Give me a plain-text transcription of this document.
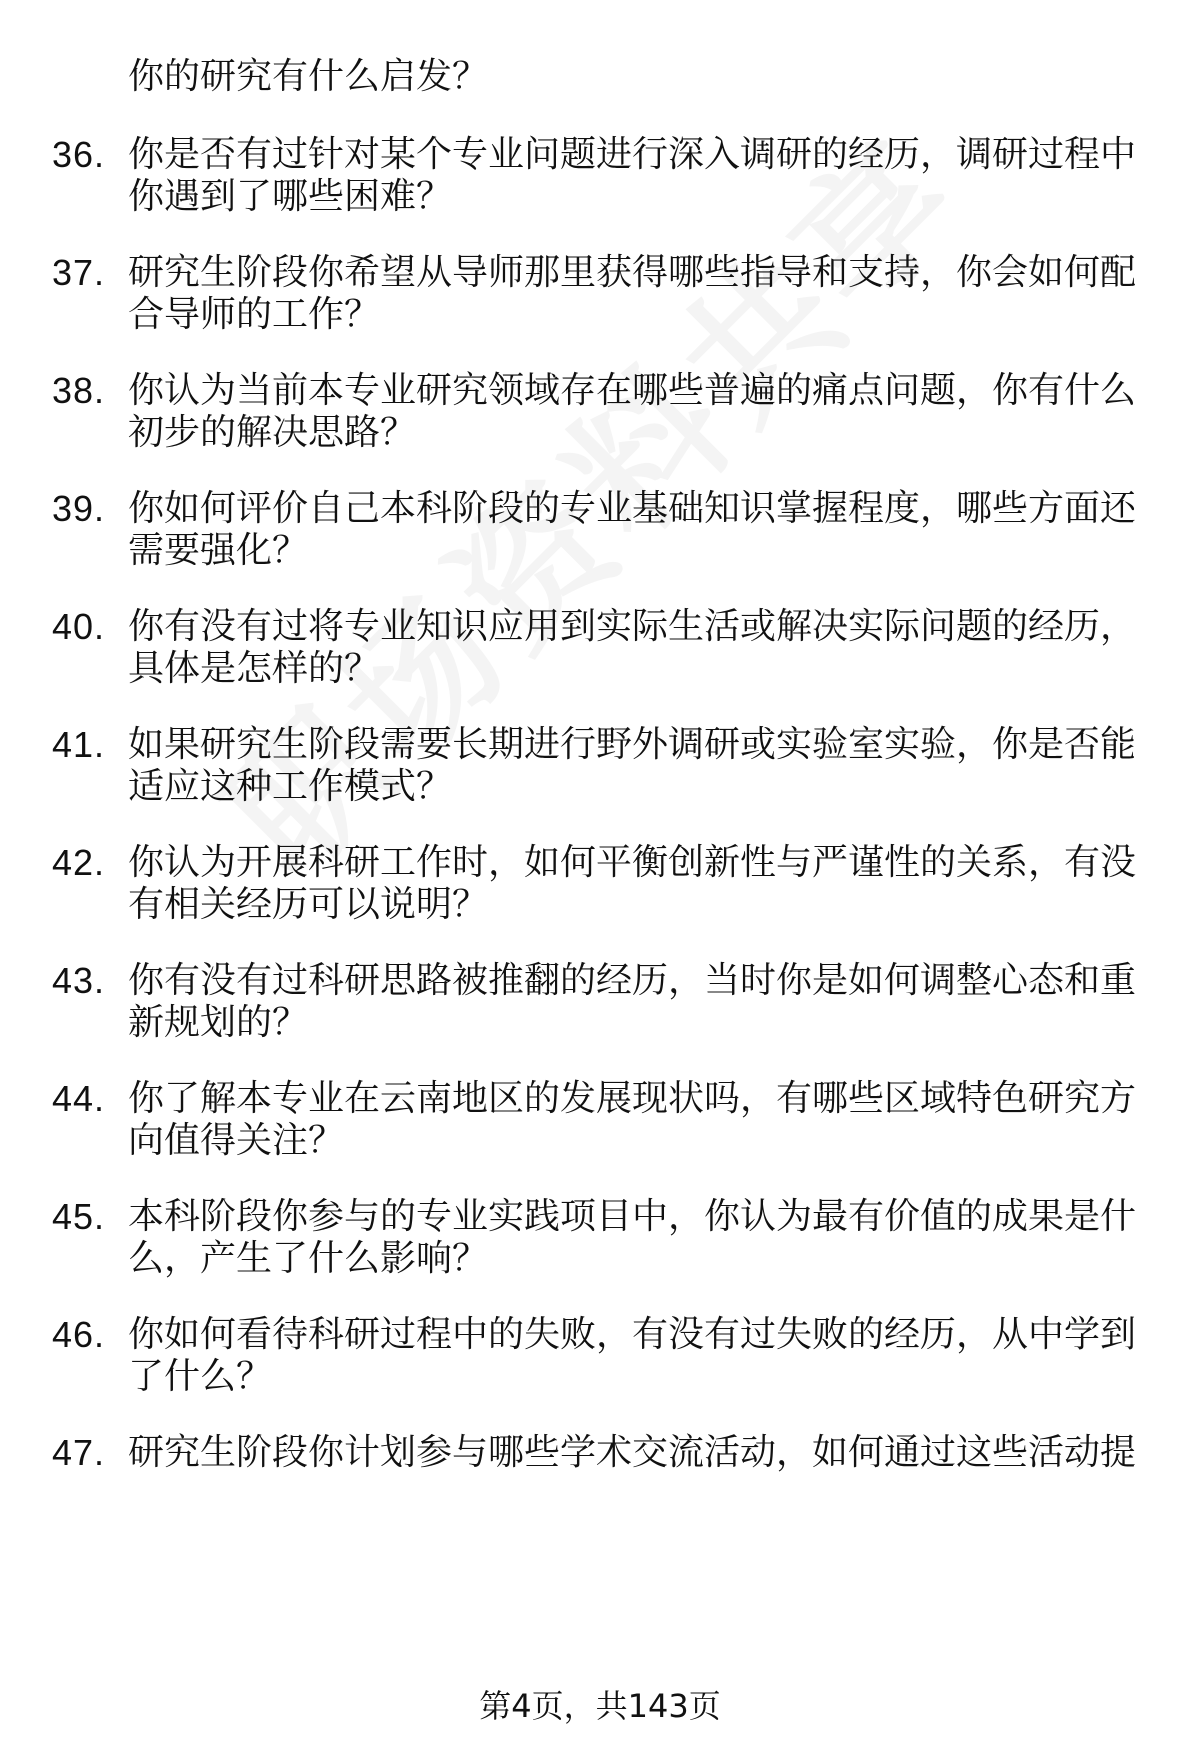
你的研究有什么启发？
36. 你是否有过针对某个专业问题进行深入调研的经历，调研过程中
你遇到了哪些困难？
37. 研究生阶段你希望从导师那里获得哪些指导和支持，你会如何配
合导师的工作？
38. 你认为当前本专业研究领域存在哪些普遍的痛点问题，你有什么
初步的解决思路？
39. 你如何评价自己本科阶段的专业基础知识掌握程度，哪些方面还
需要强化？
40. 你有没有过将专业知识应用到实际生活或解决实际问题的经历，
具体是怎样的？
41. 如果研究生阶段需要长期进行野外调研或实验室实验，你是否能
适应这种工作模式？
42. 你认为开展科研工作时，如何平衡创新性与严谨性的关系，有没
有相关经历可以说明？
43. 你有没有过科研思路被推翻的经历，当时你是如何调整心态和重
新规划的？
44. 你了解本专业在云南地区的发展现状吗，有哪些区域特色研究方
向值得关注？
45. 本科阶段你参与的专业实践项目中，你认为最有价值的成果是什
么，产生了什么影响？
46. 你如何看待科研过程中的失败，有没有过失败的经历，从中学到
了什么？
47. 研究生阶段你计划参与哪些学术交流活动，如何通过这些活动提
第4页，共143页
